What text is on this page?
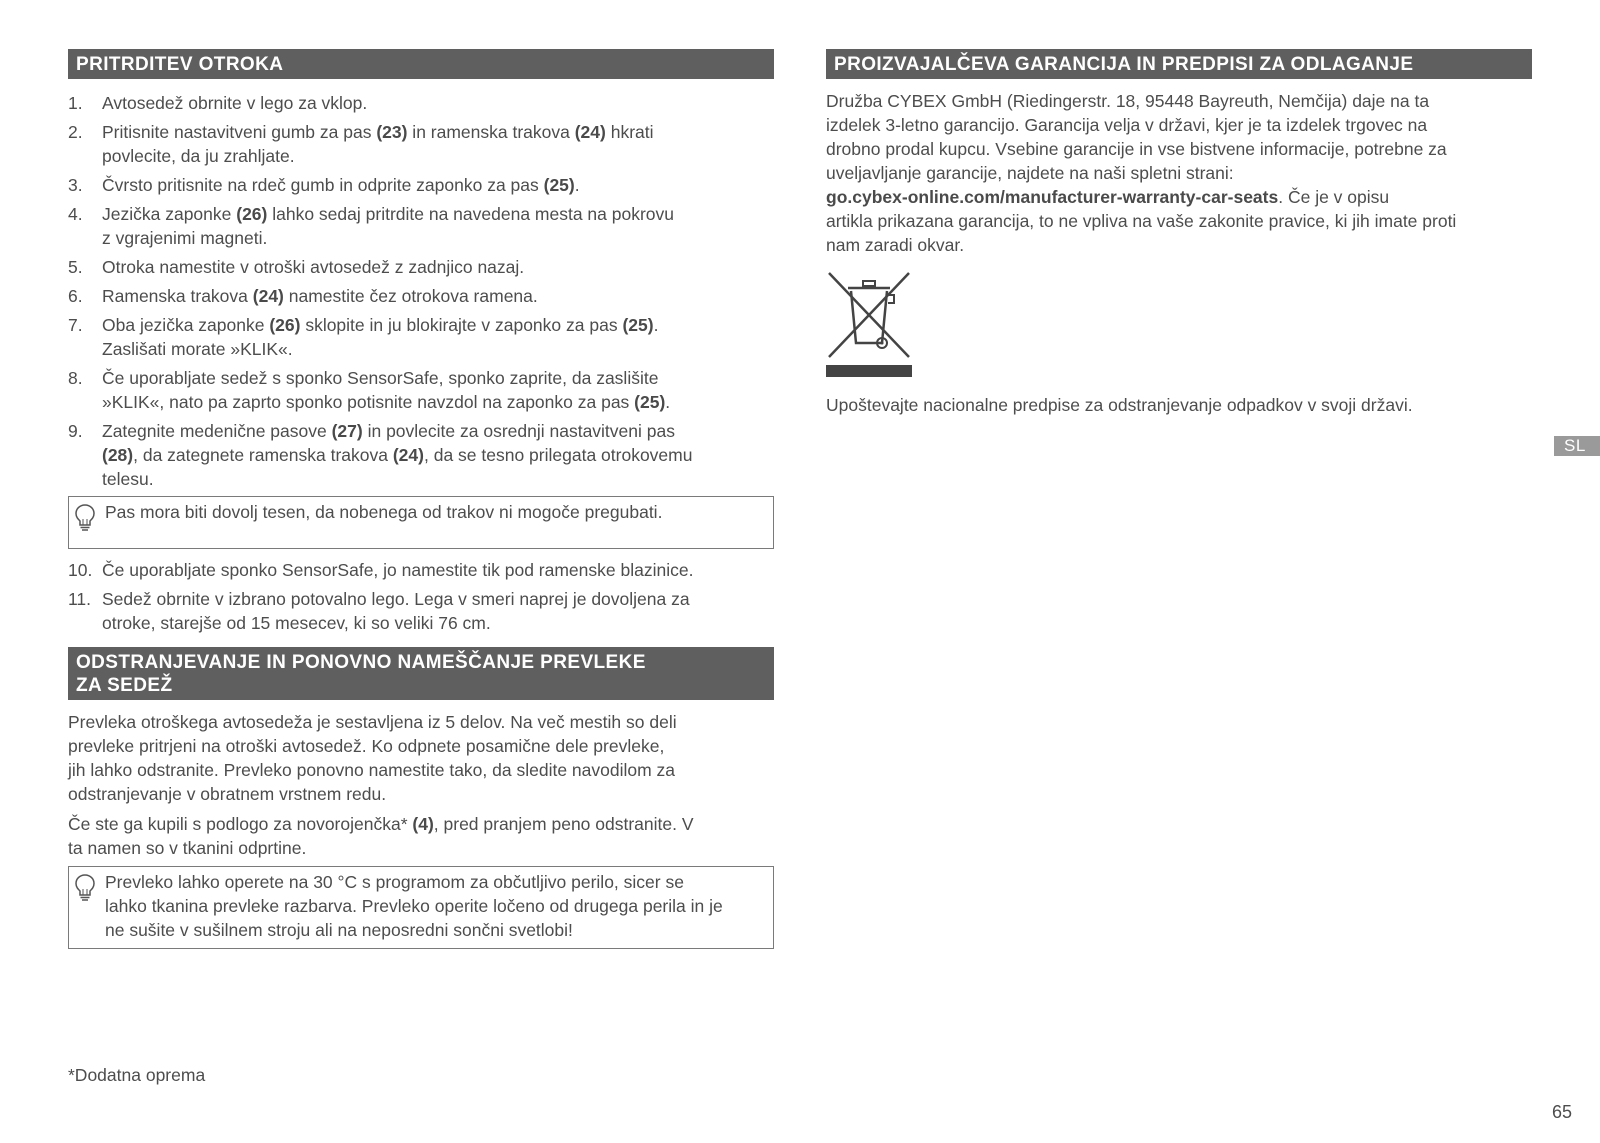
PRITRDITEV OTROKA
1. Avtosedež obrnite v lego za vklop.
2. Pritisnite nastavitveni gumb za pas (23) in ramenska trakova (24) hkrati
povlecite, da ju zrahljate.
3. Čvrsto pritisnite na rdeč gumb in odprite zaponko za pas (25).
4. Jezička zaponke (26) lahko sedaj pritrdite na navedena mesta na pokrovu
z vgrajenimi magneti.
5. Otroka namestite v otroški avtosedež z zadnjico nazaj.
6. Ramenska trakova (24) namestite čez otrokova ramena.
7. Oba jezička zaponke (26) sklopite in ju blokirajte v zaponko za pas (25).
Zaslišati morate »KLIK«.
8. Če uporabljate sedež s sponko SensorSafe, sponko zaprite, da zaslišite
»KLIK«, nato pa zaprto sponko potisnite navzdol na zaponko za pas (25).
9. Zategnite medenične pasove (27) in povlecite za osrednji nastavitveni pas
(28), da zategnete ramenska trakova (24), da se tesno prilegata otrokovemu
telesu.
Pas mora biti dovolj tesen, da nobenega od trakov ni mogoče pregubati.
10. Če uporabljate sponko SensorSafe, jo namestite tik pod ramenske blazinice.
11. Sedež obrnite v izbrano potovalno lego. Lega v smeri naprej je dovoljena za
otroke, starejše od 15 mesecev, ki so veliki 76 cm.
ODSTRANJEVANJE IN PONOVNO NAMEŠČANJE PREVLEKE
ZA SEDEŽ

Prevleka otroškega avtosedeža je sestavljena iz 5 delov. Na več mestih so deli
prevleke pritrjeni na otroški avtosedež. Ko odpnete posamične dele prevleke,
jih lahko odstranite. Prevleko ponovno namestite tako, da sledite navodilom za
odstranjevanje v obratnem vrstnem redu.

Če ste ga kupili s podlogo za novorojenčka* (4), pred pranjem peno odstranite. V
ta namen so v tkanini odprtine.

Prevleko lahko operete na 30 °C s programom za občutljivo perilo, sicer se
lahko tkanina prevleke razbarva. Prevleko operite ločeno od drugega perila in je
ne sušite v sušilnem stroju ali na neposredni sončni svetlobi!
*Dodatna oprema
PROIZVAJALČEVA GARANCIJA IN PREDPISI ZA ODLAGANJE

Družba CYBEX GmbH (Riedingerstr. 18, 95448 Bayreuth, Nemčija) daje na ta
izdelek 3-letno garancijo. Garancija velja v državi, kjer je ta izdelek trgovec na
drobno prodal kupcu. Vsebine garancije in vse bistvene informacije, potrebne za
uveljavljanje garancije, najdete na naši spletni strani:
go.cybex-online.com/manufacturer-warranty-car-seats. Če je v opisu
artikla prikazana garancija, to ne vpliva na vaše zakonite pravice, ki jih imate proti
nam zaradi okvar.

Upoštevajte nacionalne predpise za odstranjevanje odpadkov v svoji državi.

SL
65
